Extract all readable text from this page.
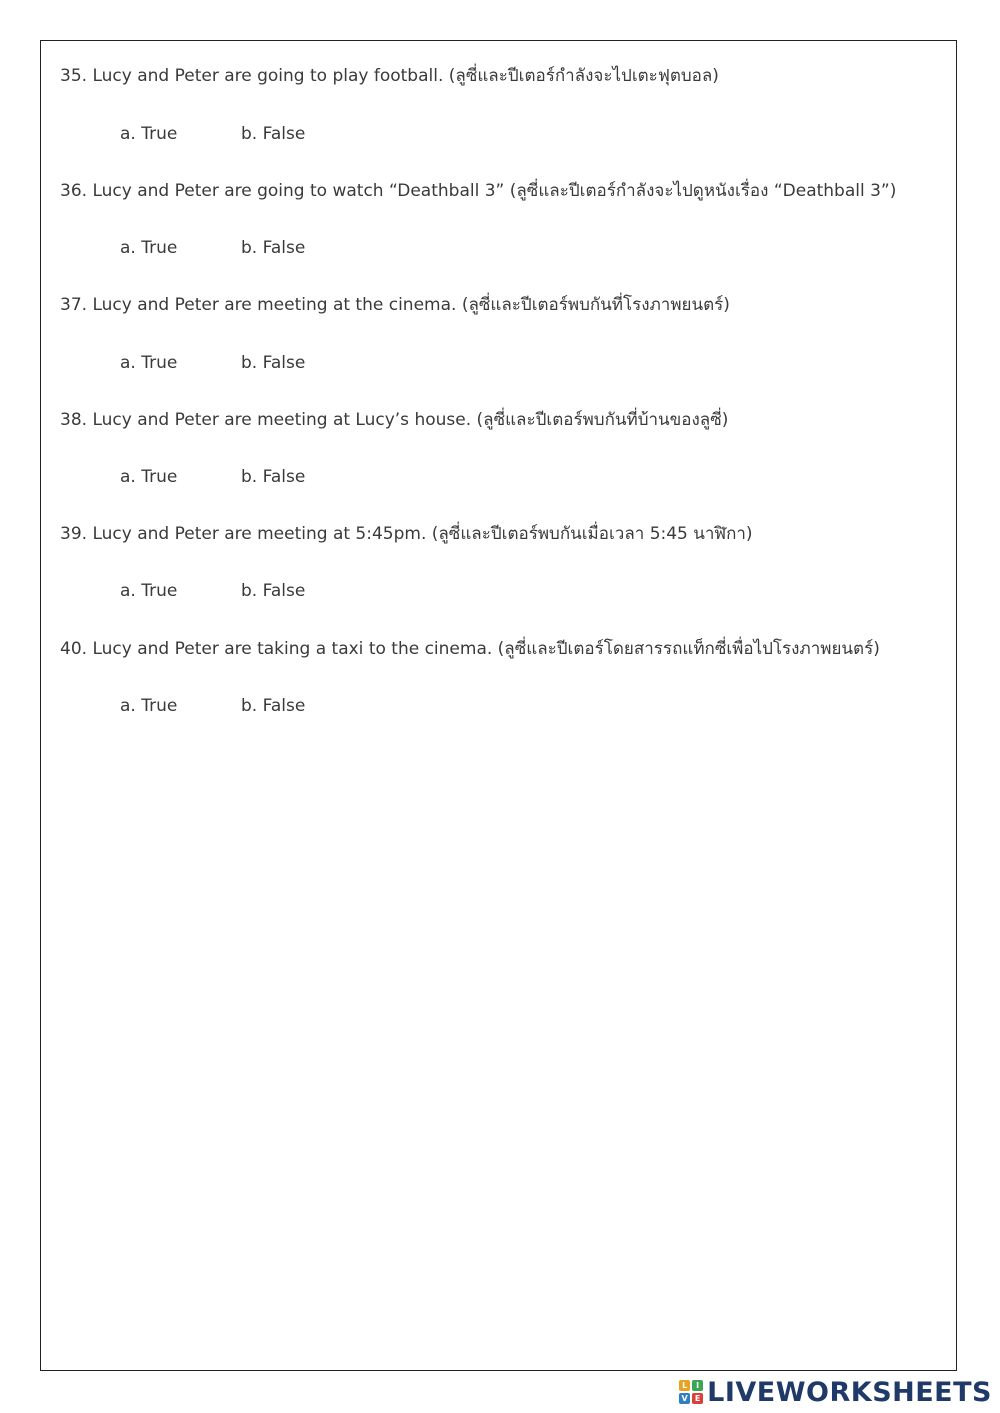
35. Lucy and Peter are going to play football. (ลูซี่และปีเตอร์กำลังจะไปเตะฟุตบอล)
a. True	b. False
36. Lucy and Peter are going to watch “Deathball 3” (ลูซี่และปีเตอร์กำลังจะไปดูหนังเรื่อง “Deathball 3”)
a. True	b. False
37. Lucy and Peter are meeting at the cinema. (ลูซี่และปีเตอร์พบกันที่โรงภาพยนตร์)
a. True	b. False
38. Lucy and Peter are meeting at Lucy’s house. (ลูซี่และปีเตอร์พบกันที่บ้านของลูซี่)
a. True	b. False
39. Lucy and Peter are meeting at 5:45pm. (ลูซี่และปีเตอร์พบกันเมื่อเวลา 5:45 นาฬิกา)
a. True	b. False
40. Lucy and Peter are taking a taxi to the cinema. (ลูซี่และปีเตอร์โดยสารรถแท็กซี่เพื่อไปโรงภาพยนตร์)
a. True	b. False
L	I
V E LIVEWORKSHEETS
